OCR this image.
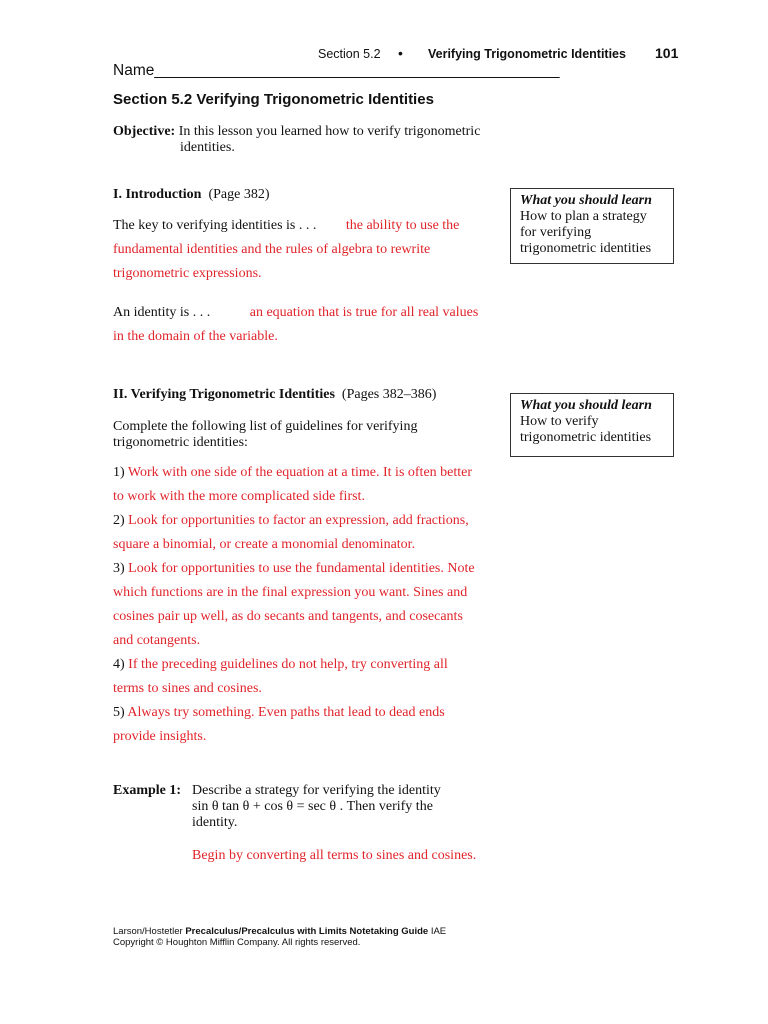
Section 5.2 • Verifying Trigonometric Identities 101
Name_______________________________________________
Section 5.2 Verifying Trigonometric Identities
Objective: In this lesson you learned how to verify trigonometric
identities.
I. Introduction (Page 382)	What you should learn
How to plan a strategy
for verifying
trigonometric identities
The key to verifying identities is . . . the ability to use the
fundamental identities and the rules of algebra to rewrite
trigonometric expressions.
An identity is . . .	an equation that is true for all real values
in the domain of the variable.
II. Verifying Trigonometric Identities (Pages 382–386)
What you should learn
How to verify
trigonometric identities
Complete the following list of guidelines for verifying
trigonometric identities:
1) Work with one side of the equation at a time. It is often better
to work with the more complicated side first.
2) Look for opportunities to factor an expression, add fractions,
square a binomial, or create a monomial denominator.
3) Look for opportunities to use the fundamental identities. Note
which functions are in the final expression you want. Sines and
cosines pair up well, as do secants and tangents, and cosecants
and cotangents.
4) If the preceding guidelines do not help, try converting all
terms to sines and cosines.
5) Always try something. Even paths that lead to dead ends
provide insights.
Example 1: Describe a strategy for verifying the identity
sin θ tan θ + cos θ = sec θ . Then verify the
identity.
Begin by converting all terms to sines and cosines.
Larson/Hostetler Precalculus/Precalculus with Limits Notetaking Guide IAE
Copyright © Houghton Mifflin Company. All rights reserved.
